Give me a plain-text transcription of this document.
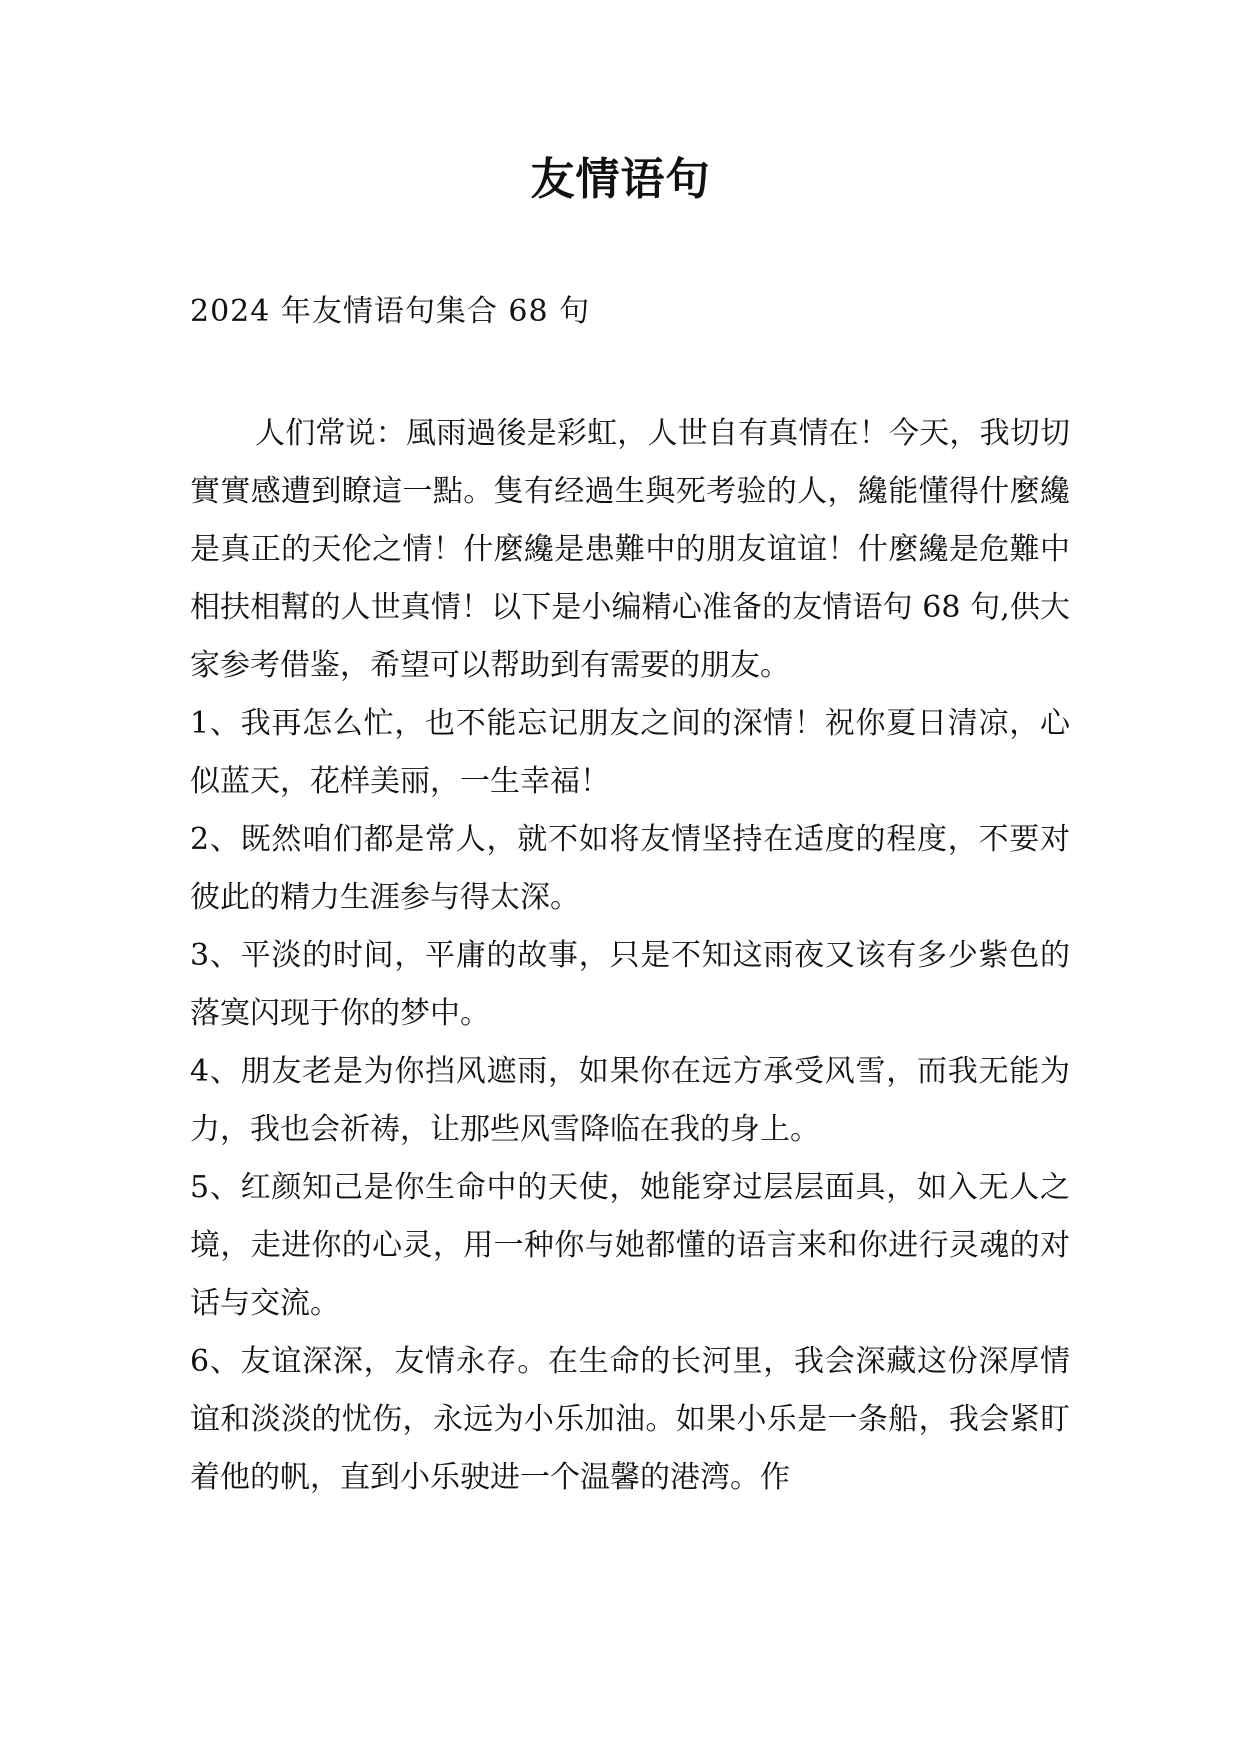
友情语句
2024 年友情语句集合 68 句

人们常说：風雨過後是彩虹，人世自有真情在！今天，我切切實實感遭到瞭這一點。隻有经過生與死考验的人，纔能懂得什麼纔是真正的天伦之情！什麼纔是患難中的朋友谊谊！什麼纔是危難中相扶相幫的人世真情！以下是小编精心准备的友情语句 68 句,供大家参考借鉴，希望可以帮助到有需要的朋友。

1、我再怎么忙，也不能忘记朋友之间的深情！祝你夏日清凉，心似蓝天，花样美丽，一生幸福！

2、既然咱们都是常人，就不如将友情坚持在适度的程度，不要对彼此的精力生涯参与得太深。

3、平淡的时间，平庸的故事，只是不知这雨夜又该有多少紫色的落寞闪现于你的梦中。

4、朋友老是为你挡风遮雨，如果你在远方承受风雪，而我无能为力，我也会祈祷，让那些风雪降临在我的身上。

5、红颜知己是你生命中的天使，她能穿过层层面具，如入无人之境，走进你的心灵，用一种你与她都懂的语言来和你进行灵魂的对话与交流。

6、友谊深深，友情永存。在生命的长河里，我会深藏这份深厚情谊和淡淡的忧伤，永远为小乐加油。如果小乐是一条船，我会紧盯着他的帆，直到小乐驶进一个温馨的港湾。作
